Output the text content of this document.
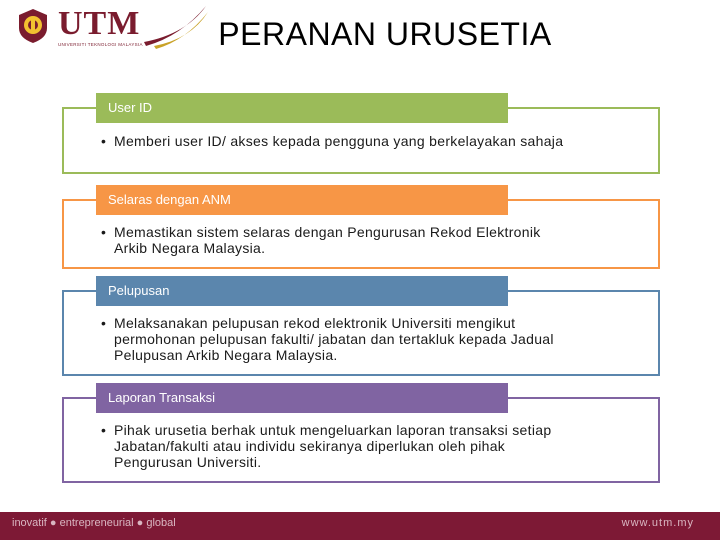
UTM
UNIVERSITI TEKNOLOGI MALAYSIA	PERANAN URUSETIA
User ID
• Memberi user ID/ akses kepada pengguna yang berkelayakan sahaja
Selaras dengan ANM
• Memastikan sistem selaras dengan Pengurusan Rekod Elektronik
Arkib Negara Malaysia.
Pelupusan
• Melaksanakan pelupusan rekod elektronik Universiti mengikut
permohonan pelupusan fakulti/ jabatan dan tertakluk kepada Jadual
Pelupusan Arkib Negara Malaysia.
Laporan Transaksi
• Pihak urusetia berhak untuk mengeluarkan laporan transaksi setiap
Jabatan/fakulti atau individu sekiranya diperlukan oleh pihak
Pengurusan Universiti.
inovatif ● entrepreneurial ● global	www.utm.my
